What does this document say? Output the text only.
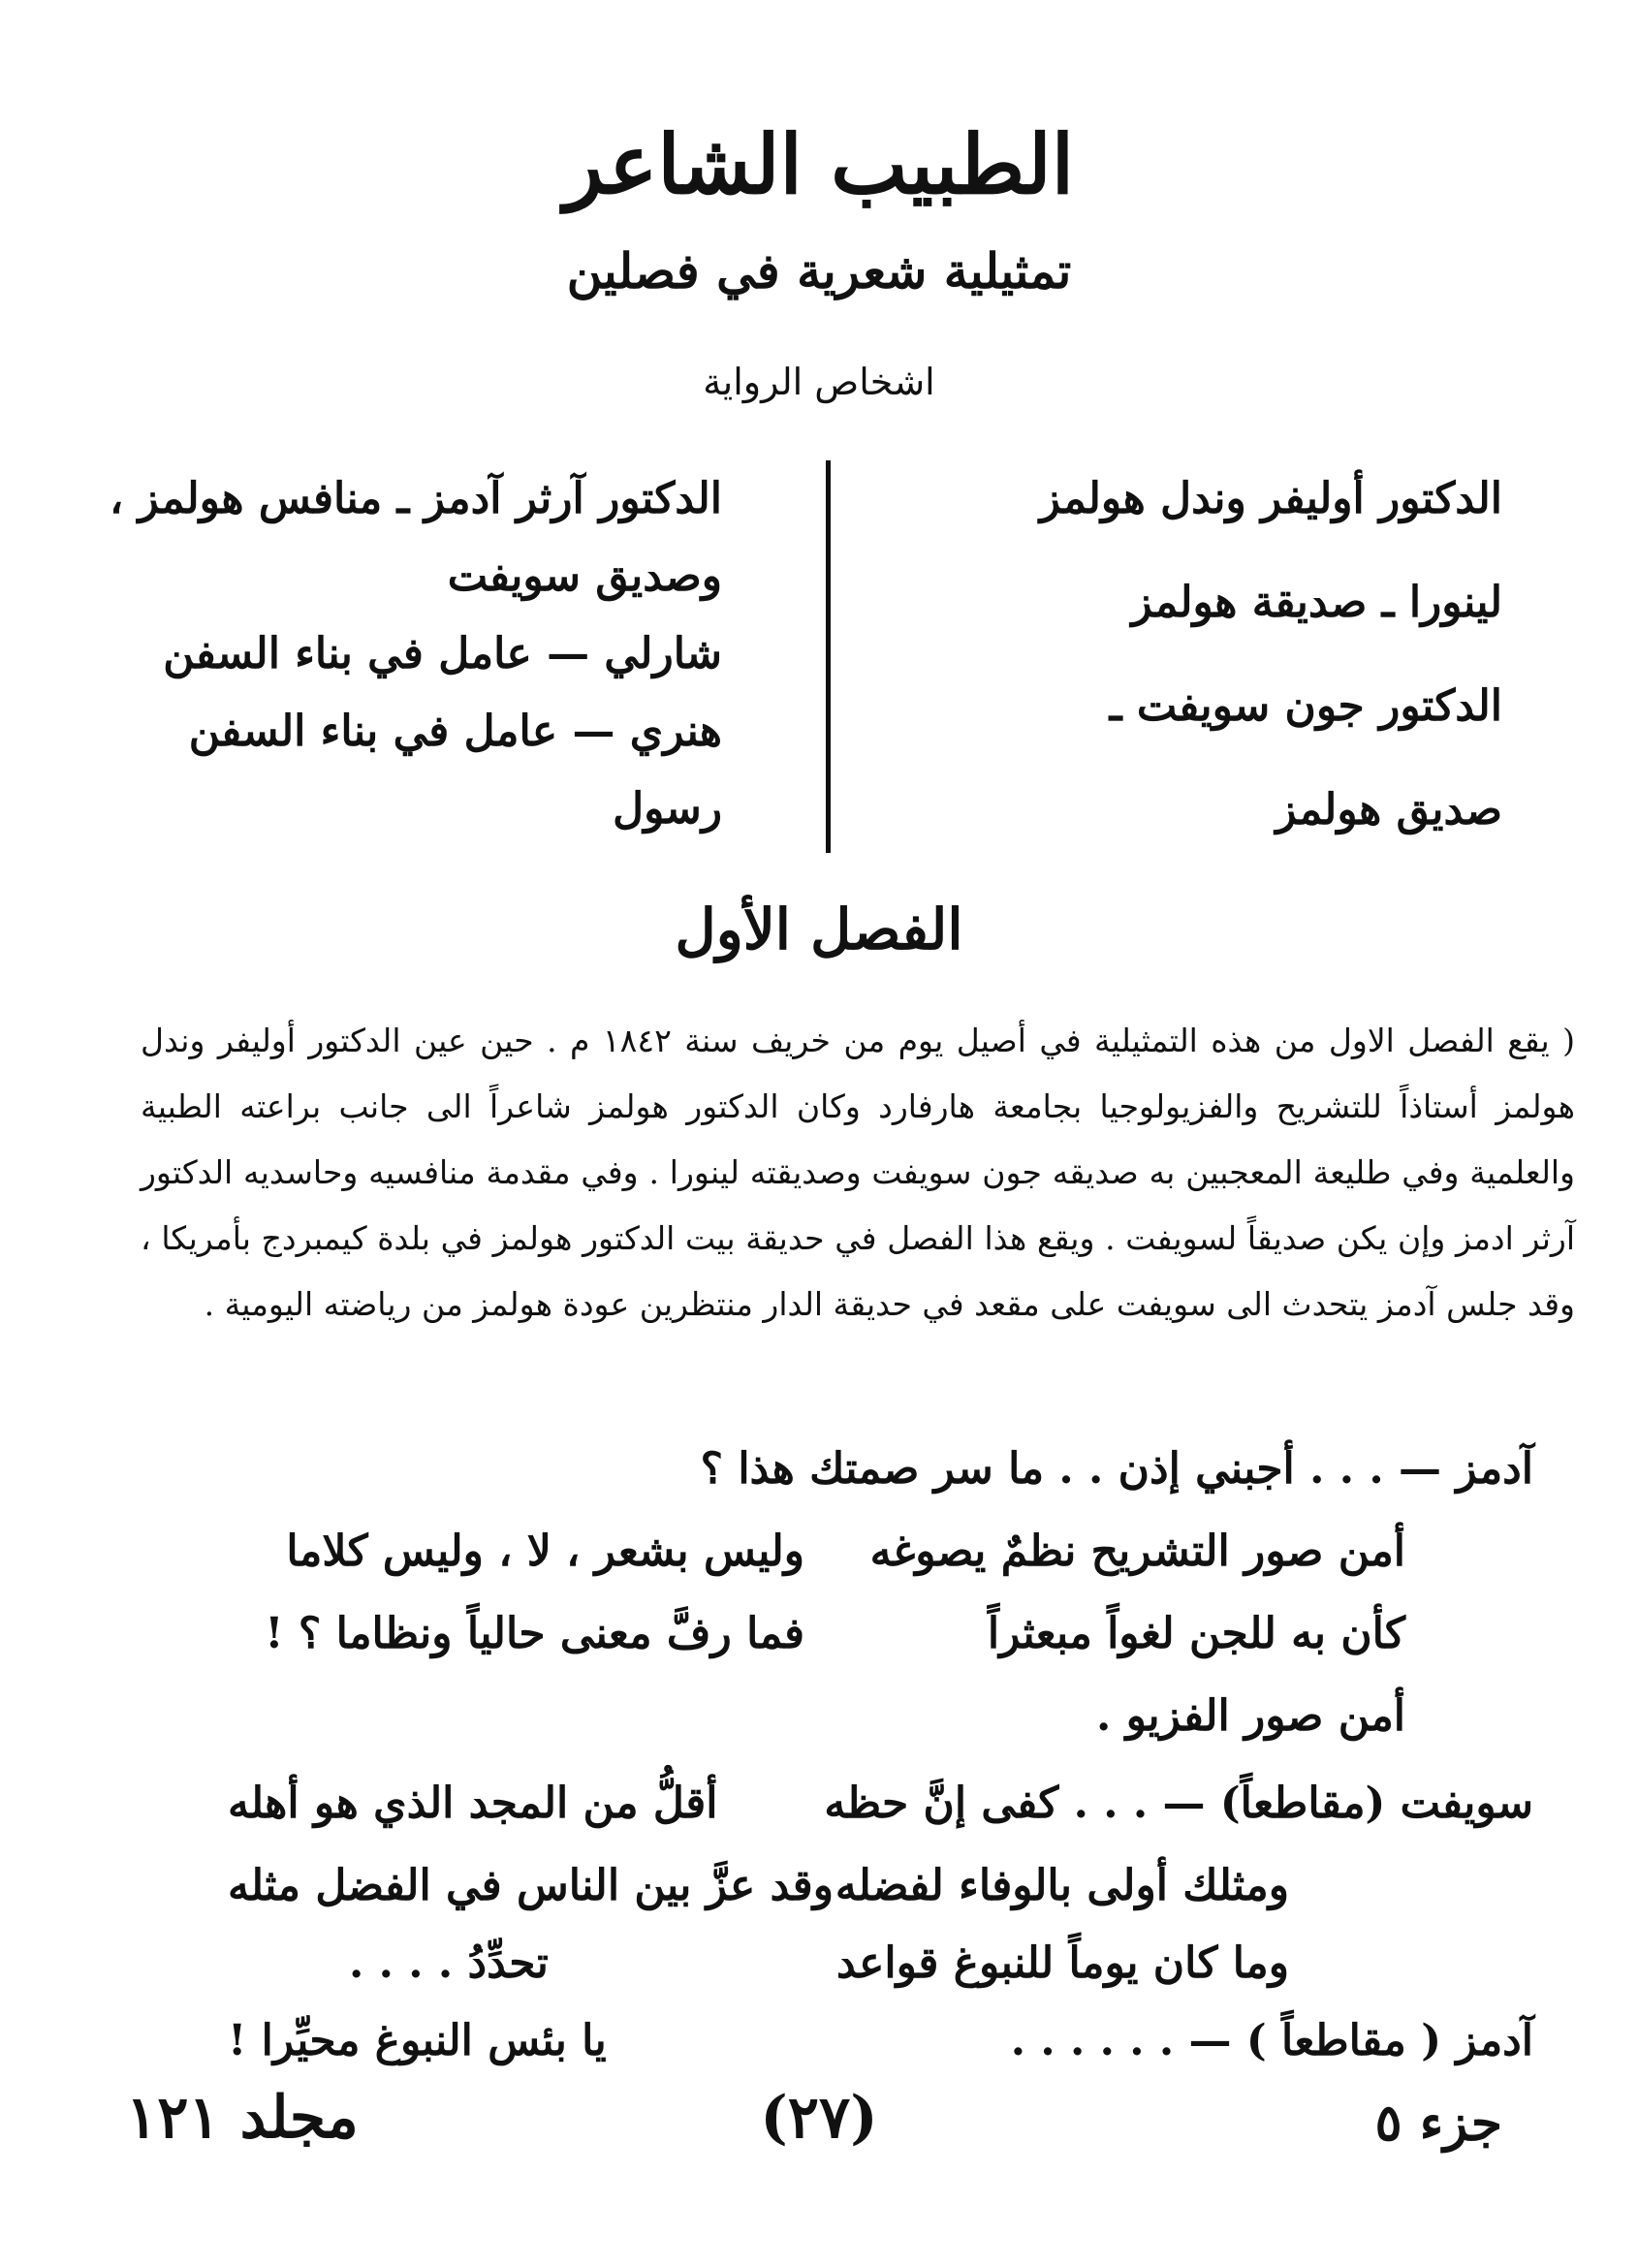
الطبيب الشاعر
تمثيلية شعرية في فصلين
اشخاص الرواية
الدكتور أوليفر وندل هولمز
لينورا ـ صديقة هولمز
الدكتور جون سويفت ـ
صديق هولمز
الدكتور آرثر آدمز ـ منافس هولمز ،
وصديق سويفت
شارلي — عامل في بناء السفن
هنري — عامل في بناء السفن
رسول
الفصل الأول
( يقع الفصل الاول من هذه التمثيلية في أصيل يوم من خريف سنة ١٨٤٢ م . حين عين الدكتور أوليفر وندل هولمز أستاذاً للتشريح والفزيولوجيا بجامعة هارفارد وكان الدكتور هولمز شاعراً الى جانب براعته الطبية والعلمية وفي طليعة المعجبين به صديقه جون سويفت وصديقته لينورا . وفي مقدمة منافسيه وحاسديه الدكتور آرثر ادمز وإن يكن صديقاً لسويفت . ويقع هذا الفصل في حديقة بيت الدكتور هولمز في بلدة كيمبردج بأمريكا ، وقد جلس آدمز يتحدث الى سويفت على مقعد في حديقة الدار منتظرين عودة هولمز من رياضته اليومية .
آدمز — . . . أجبني إذن . . ما سر صمتك هذا ؟
أمن صور التشريح نظمٌ يصوغه
وليس بشعر ، لا ، وليس كلاما
كأن به للجن لغواً مبعثراً
فما رفَّ معنى حالياً ونظاما ؟ !
أمن صور الفزيو .
سويفت (مقاطعاً) — . . . كفى إنَّ حظه
أقلُّ من المجد الذي هو أهله
ومثلك أولى بالوفاء لفضله
وقد عزَّ بين الناس في الفضل مثله
وما كان يوماً للنبوغ قواعد
تحدِّدُ . . . .
آدمز ( مقاطعاً ) — . . . . . .
يا بئس النبوغ محيِّرا !
جزء ٥
(٢٧)
مجلد ١٢١
